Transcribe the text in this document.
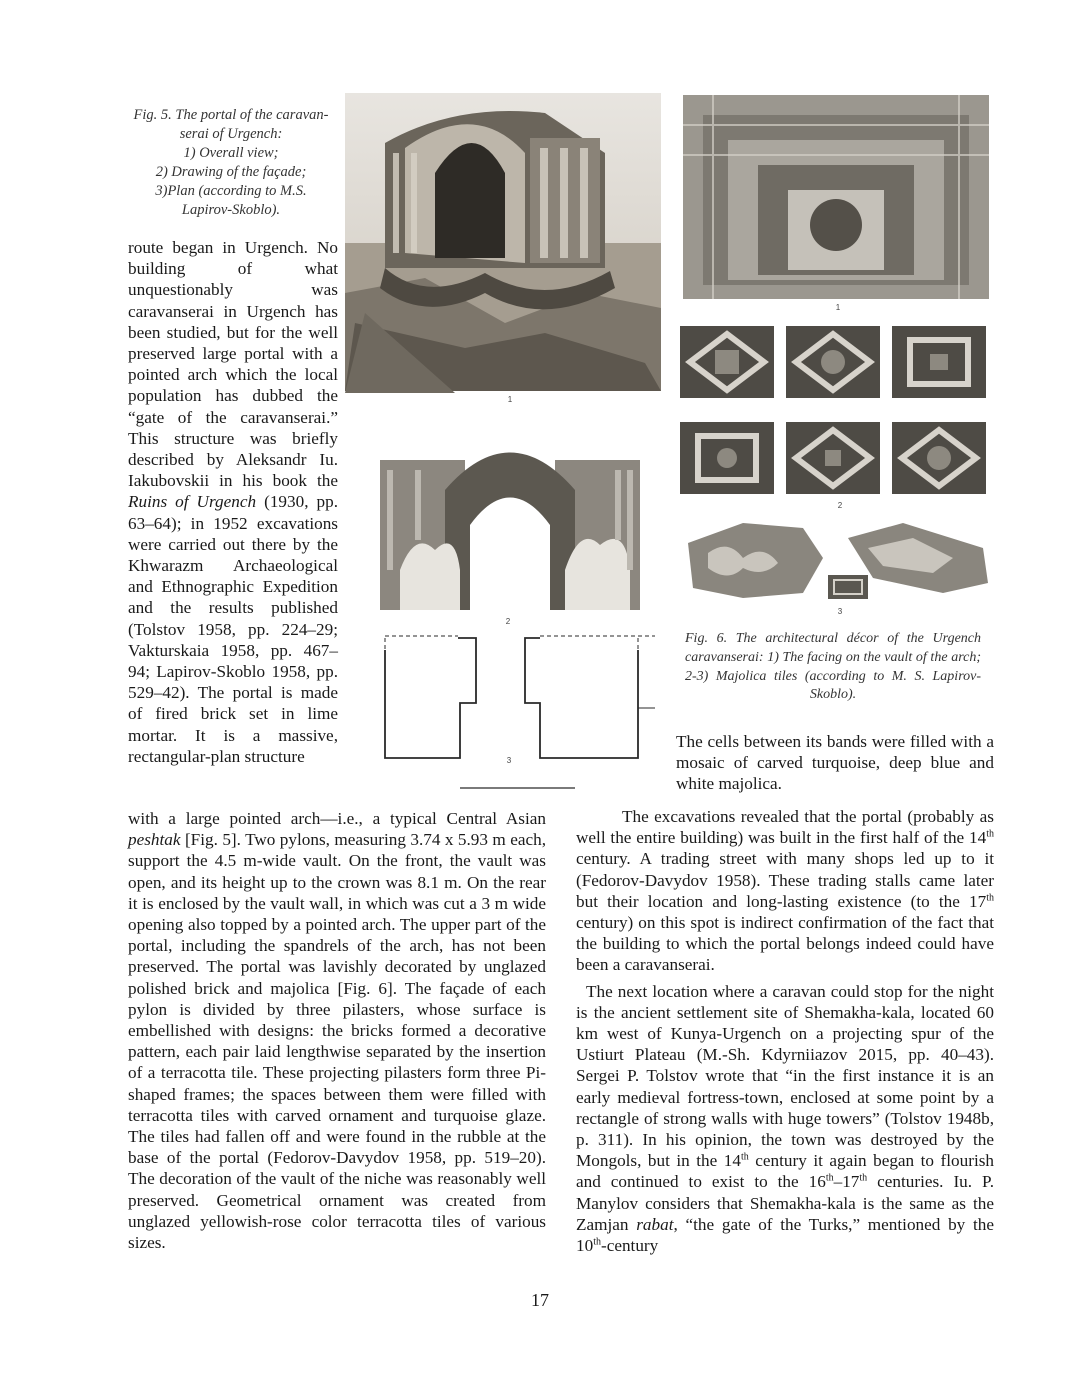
Fig. 5. The portal of the caravan-
serai of Urgench:
1) Overall view;
2) Drawing of the façade;
3)Plan (according to M.S.
Lapirov-Skoblo).
1
2
3
1
2
3
Fig. 6. The architectural décor of the Urgench caravanserai: 1) The facing on the vault of the arch; 2-3) Majolica tiles (according to M. S. Lapirov-Skoblo).

route began in Urgench. No building of what unquestionably was caravanserai in Urgench has been studied, but for the well preserved large portal with a pointed arch which the local population has dubbed the “gate of the caravanserai.” This structure was briefly described by Aleksandr Iu. Iakubovskii in his book the Ruins of Urgench (1930, pp. 63–64); in 1952 excavations were carried out there by the Khwarazm Archaeological and Ethnographic Expedition and the results published (Tolstov 1958, pp. 224–29; Vakturskaia 1958, pp. 467–94; Lapirov-Skoblo 1958, pp. 529–42). The portal is made of fired brick set in lime mortar. It is a massive, rectangular-plan structure

with a large pointed arch—i.e., a typical Central Asian peshtak [Fig. 5]. Two pylons, measuring 3.74 x 5.93 m each, support the 4.5 m-wide vault. On the front, the vault was open, and its height up to the crown was 8.1 m. On the rear it is enclosed by the vault wall, in which was cut a 3 m wide opening also topped by a pointed arch. The upper part of the portal, including the spandrels of the arch, has not been preserved. The portal was lavishly decorated by unglazed polished brick and majolica [Fig. 6]. The façade of each pylon is divided by three pilasters, whose surface is embellished with designs: the bricks formed a decorative pattern, each pair laid lengthwise separated by the insertion of a terracotta tile. These projecting pilasters form three Pi-shaped frames; the spaces between them were filled with terracotta tiles with carved ornament and turquoise glaze. The tiles had fallen off and were found in the rubble at the base of the portal (Fedorov-Davydov 1958, pp. 519–20). The decoration of the vault of the niche was reasonably well preserved. Geometrical ornament was created from unglazed yellowish-rose color terracotta tiles of various sizes.

The cells between its bands were filled with a mosaic of carved turquoise, deep blue and white majolica.

The excavations revealed that the portal (probably as well the entire building) was built in the first half of the 14th century. A trading street with many shops led up to it (Fedorov-Davydov 1958). These trading stalls came later but their location and long-lasting existence (to the 17th century) on this spot is indirect confirmation of the fact that the building to which the portal belongs indeed could have been a caravanserai.

The next location where a caravan could stop for the night is the ancient settlement site of Shemakha-kala, located 60 km west of Kunya-Urgench on a projecting spur of the Ustiurt Plateau (M.-Sh. Kdyrniiazov 2015, pp. 40–43). Sergei P. Tolstov wrote that “in the first instance it is an early medieval fortress-town, enclosed at some point by a rectangle of strong walls with huge towers” (Tolstov 1948b, p. 311). In his opinion, the town was destroyed by the Mongols, but in the 14th century it again began to flourish and continued to exist to the 16th–17th centuries. Iu. P. Manylov considers that Shemakha-kala is the same as the Zamjan rabat, “the gate of the Turks,” mentioned by the 10th-century

17
